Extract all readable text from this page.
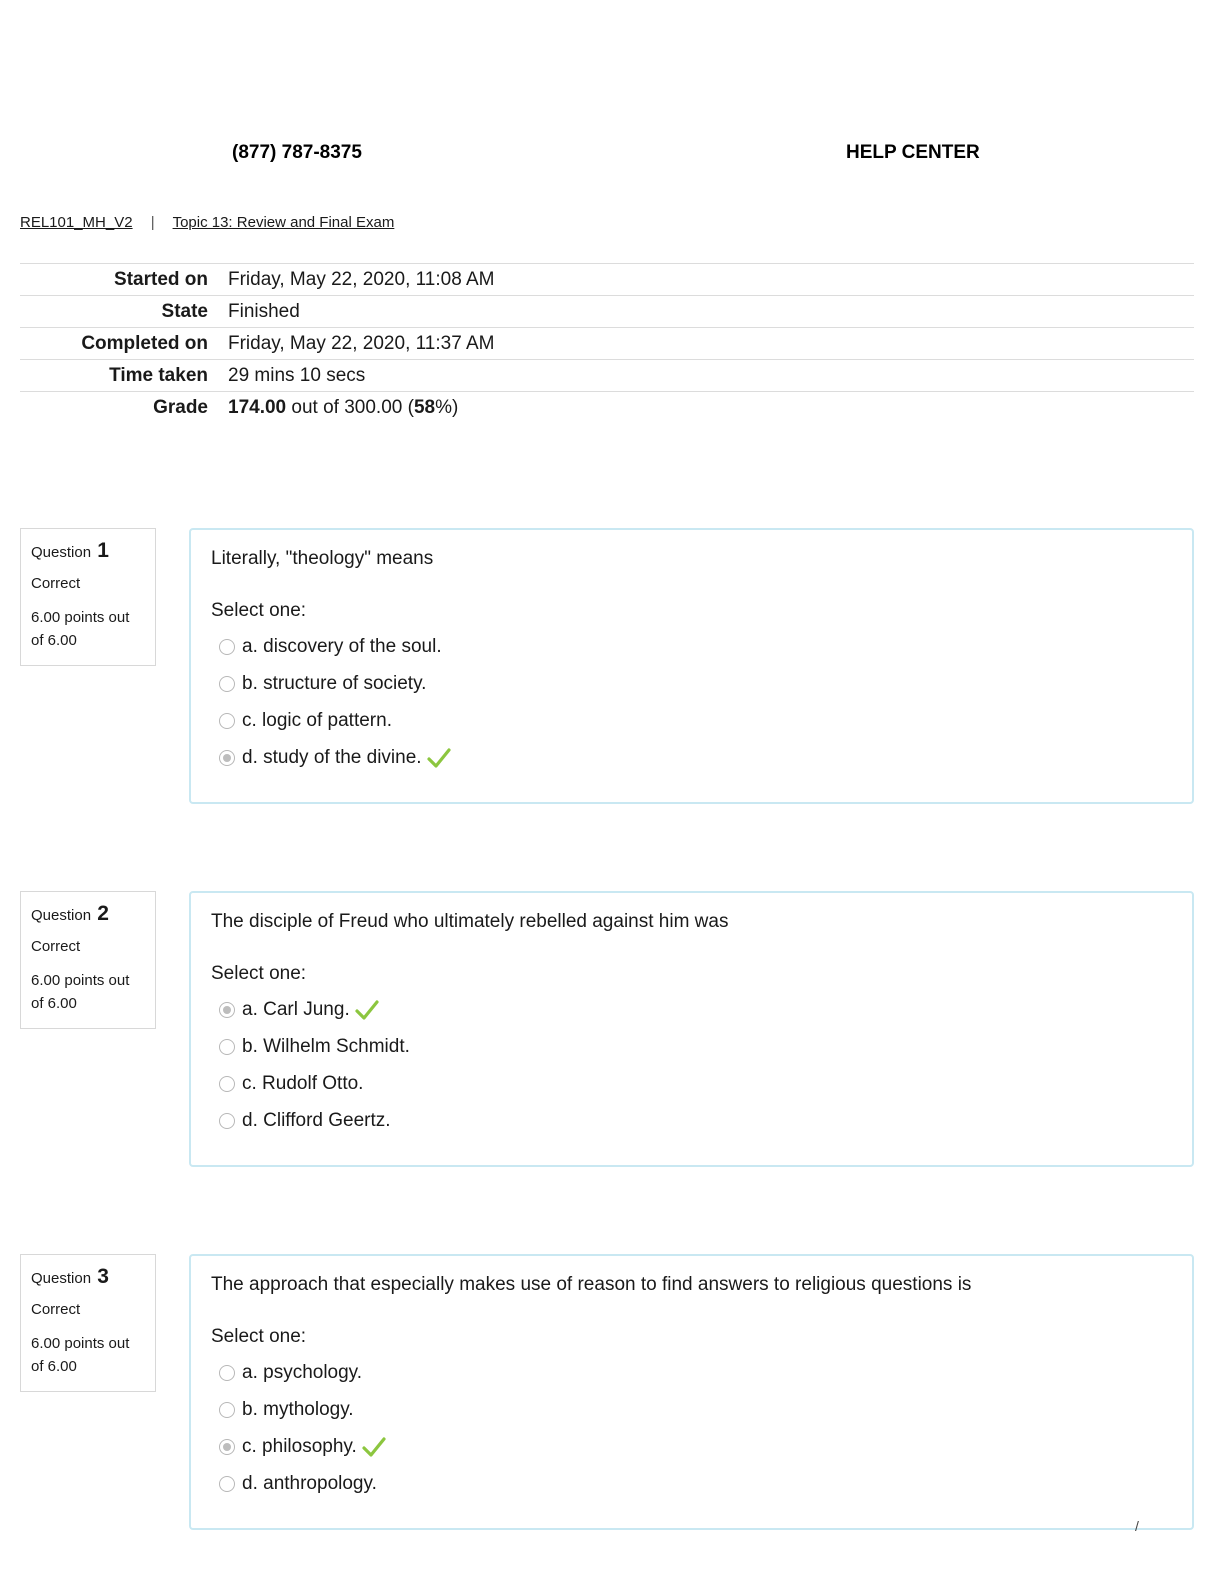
(877) 787-8375	HELP CENTER
REL101_MH_V2 | Topic 13: Review and Final Exam
Started on	Friday, May 22, 2020, 11:08 AM
State	Finished
Completed on	Friday, May 22, 2020, 11:37 AM
Time taken	29 mins 10 secs
Grade	174.00 out of 300.00 (58%)
Question 1
Correct
6.00 points out of 6.00
Literally, "theology" means
Select one:
a. discovery of the soul.
b. structure of society.
c. logic of pattern.
d. study of the divine.
Question 2
Correct
6.00 points out of 6.00
The disciple of Freud who ultimately rebelled against him was
Select one:
a. Carl Jung.
b. Wilhelm Schmidt.
c. Rudolf Otto.
d. Clifford Geertz.
Question 3
Correct
6.00 points out of 6.00
The approach that especially makes use of reason to find answers to religious questions is
Select one:
a. psychology.
b. mythology.
c. philosophy.
d. anthropology.
/
